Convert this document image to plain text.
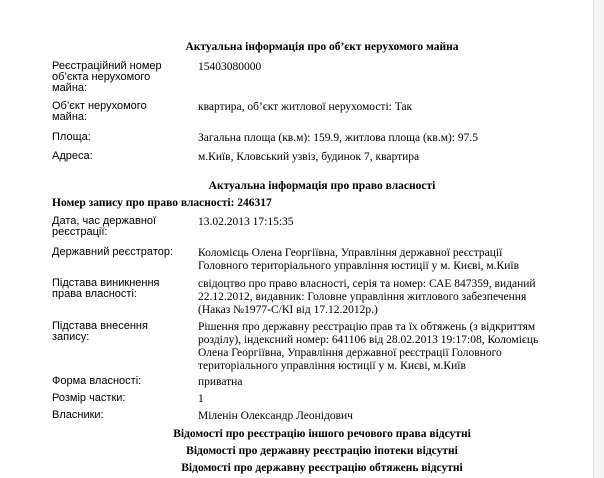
Актуальна інформація про об’єкт нерухомого майна
Реєстраційний номер
об’єкта нерухомого
майна:
15403080000
Об’єкт нерухомого
майна:
квартира, об’єкт житлової нерухомості: Так
Площа:	Загальна площа (кв.м): 159.9, житлова площа (кв.м): 97.5
Адреса:	м.Київ, Кловський узвіз, будинок 7, квартира
Актуальна інформація про право власності
Номер запису про право власності: 246317
Дата, час державної
реєстрації:
13.02.2013 17:15:35
Державний реєстратор:	Коломієць Олена Георгіївна, Управління державної реєстрації
Головного територіального управління юстиції у м. Києві, м.Київ
Підстава виникнення
права власності:
свідоцтво про право власності, серія та номер: САЕ 847359, виданий
22.12.2012, видавник: Головне управління житлового забезпечення
(Наказ №1977-С/КІ від 17.12.2012р.)
Підстава внесення
запису:
Рішення про державну реєстрацію прав та їх обтяжень (з відкриттям
розділу), індексний номер: 641106 від 28.02.2013 19:17:08, Коломієць
Олена Георгіївна, Управління державної реєстрації Головного
територіального управління юстиції у м. Києві, м.Київ
Форма власності:	приватна
Розмір частки:	1
Власники:	Міленін Олександр Леонідович
Відомості про реєстрацію іншого речового права відсутні
Відомості про державну реєстрацію іпотеки відсутні
Відомості про державну реєстрацію обтяжень відсутні
